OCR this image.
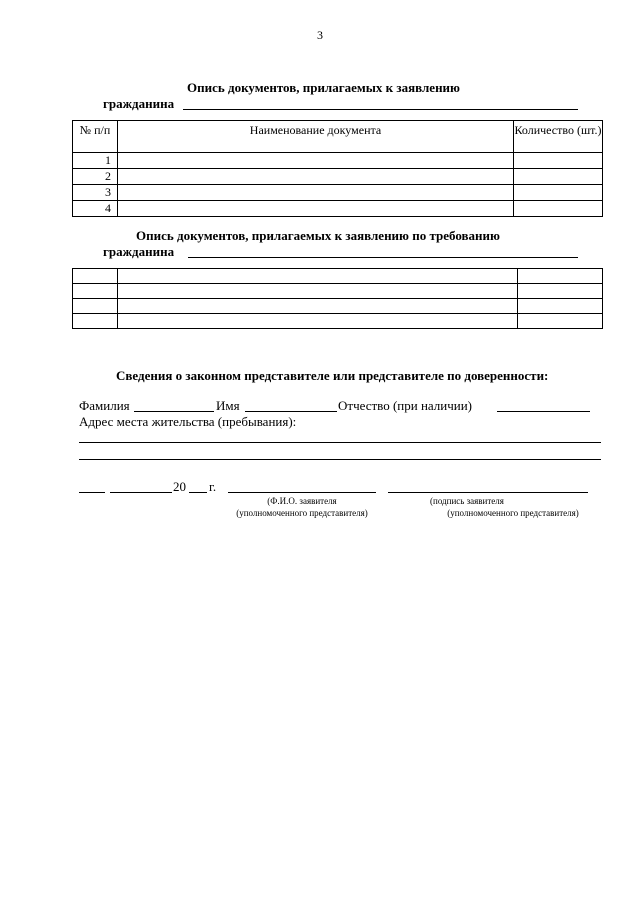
3
Опись документов, прилагаемых к заявлению
гражданина
№ п/п	Наименование документа	Количество (шт.)
1		
2		
3		
4		
Опись документов, прилагаемых к заявлению по требованию
гражданина

Сведения о законном представителе или представителе по доверенности:
Фамилия	Имя	Отчество (при наличии)
Адрес места жительства (пребывания):
20 г.
(Ф.И.О. заявителя
(уполномоченного представителя)
(подпись заявителя
(уполномоченного представителя)
